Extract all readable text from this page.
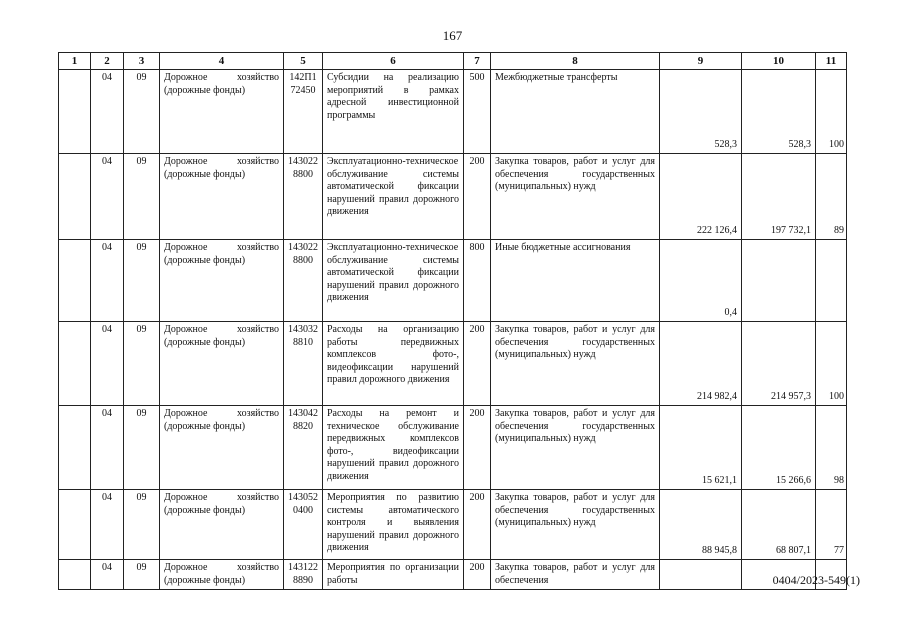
167
1	2	3	4	5	6	7	8	9	10	11
	04	09	Дорожное хозяйство (дорожные фонды)	142П1 72450	Субсидии на реализацию мероприятий в рамках адресной инвестиционной программы	500	Межбюджетные трансферты	528,3	528,3	100
	04	09	Дорожное хозяйство (дорожные фонды)	143022 8800	Эксплуатационно-техническое обслуживание системы автоматической фиксации нарушений правил дорожного движения	200	Закупка товаров, работ и услуг для обеспечения государственных (муниципальных) нужд	222 126,4	197 732,1	89
	04	09	Дорожное хозяйство (дорожные фонды)	143022 8800	Эксплуатационно-техническое обслуживание системы автоматической фиксации нарушений правил дорожного движения	800	Иные бюджетные ассигнования	0,4		
	04	09	Дорожное хозяйство (дорожные фонды)	143032 8810	Расходы на организацию работы передвижных комплексов фото-, видеофиксации нарушений правил дорожного движения	200	Закупка товаров, работ и услуг для обеспечения государственных (муниципальных) нужд	214 982,4	214 957,3	100
	04	09	Дорожное хозяйство (дорожные фонды)	143042 8820	Расходы на ремонт и техническое обслуживание передвижных комплексов фото-, видеофиксации нарушений правил дорожного движения	200	Закупка товаров, работ и услуг для обеспечения государственных (муниципальных) нужд	15 621,1	15 266,6	98
	04	09	Дорожное хозяйство (дорожные фонды)	143052 0400	Мероприятия по развитию системы автоматического контроля и выявления нарушений правил дорожного движения	200	Закупка товаров, работ и услуг для обеспечения государственных (муниципальных) нужд	88 945,8	68 807,1	77
	04	09	Дорожное хозяйство (дорожные фонды)	143122 8890	Мероприятия по организации работы	200	Закупка товаров, работ и услуг для обеспечения				0404/2023-549(1)
